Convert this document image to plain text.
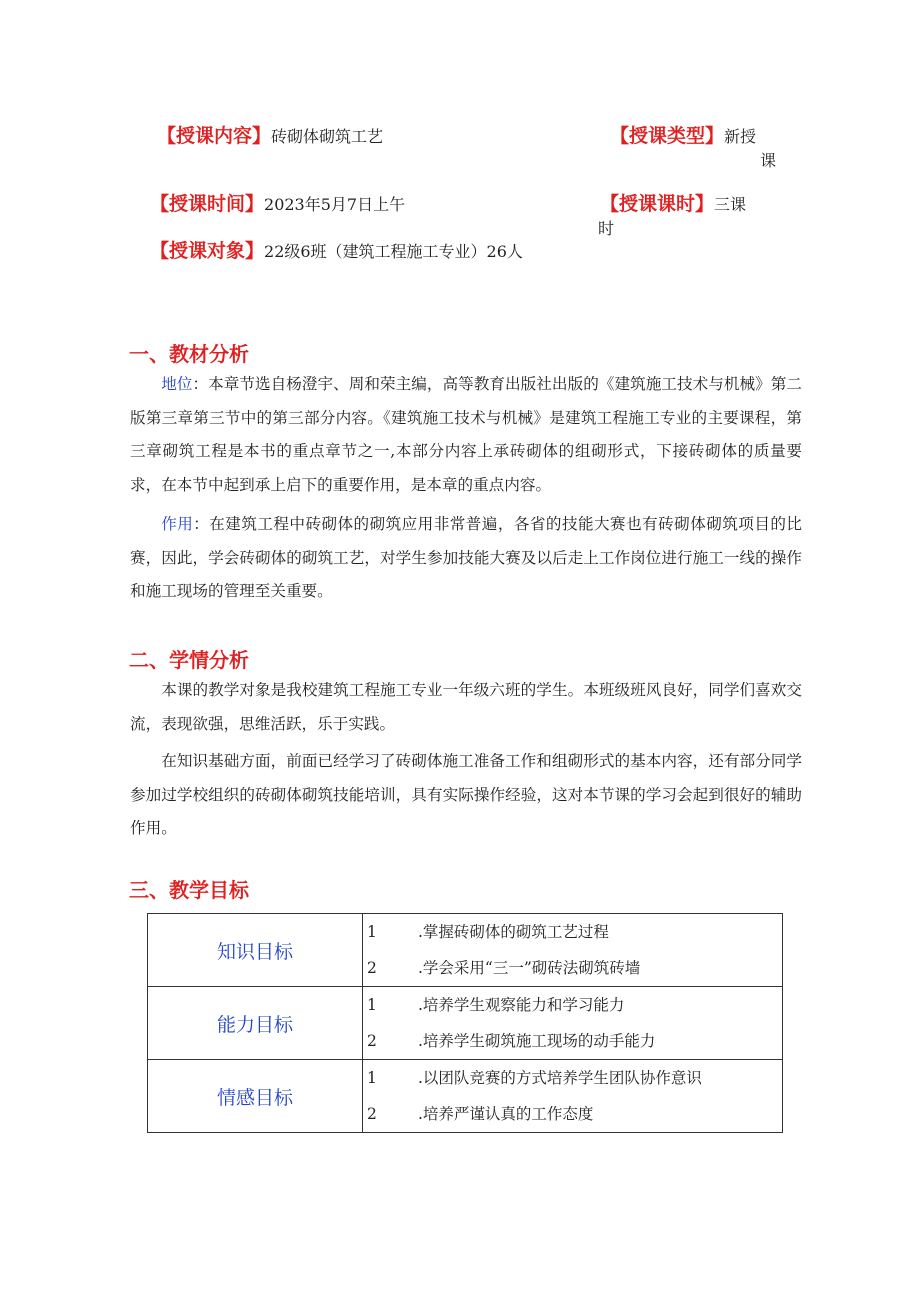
【授课内容】砖砌体砌筑工艺	【授课类型】新授
课
【授课时间】2023年5月7日上午	【授课课时】三课
时
【授课对象】22级6班（建筑工程施工专业）26人
一、教材分析

地位：本章节选自杨澄宇、周和荣主编，高等教育出版社出版的《建筑施工技术与机械》第二版第三章第三节中的第三部分内容。《建筑施工技术与机械》是建筑工程施工专业的主要课程，第三章砌筑工程是本书的重点章节之一,本部分内容上承砖砌体的组砌形式，下接砖砌体的质量要求，在本节中起到承上启下的重要作用，是本章的重点内容。

作用：在建筑工程中砖砌体的砌筑应用非常普遍，各省的技能大赛也有砖砌体砌筑项目的比赛，因此，学会砖砌体的砌筑工艺，对学生参加技能大赛及以后走上工作岗位进行施工一线的操作和施工现场的管理至关重要。

二、学情分析

本课的教学对象是我校建筑工程施工专业一年级六班的学生。本班级班风良好，同学们喜欢交流，表现欲强，思维活跃，乐于实践。

在知识基础方面，前面已经学习了砖砌体施工准备工作和组砌形式的基本内容，还有部分同学参加过学校组织的砖砌体砌筑技能培训，具有实际操作经验，这对本节课的学习会起到很好的辅助作用。

三、教学目标
知识目标	1 .掌握砖砌体的砌筑工艺过程
2 .学会采用“三一”砌砖法砌筑砖墙

能力目标	1 .培养学生观察能力和学习能力
2 .培养学生砌筑施工现场的动手能力

情感目标	1 .以团队竞赛的方式培养学生团队协作意识
2 .培养严谨认真的工作态度
